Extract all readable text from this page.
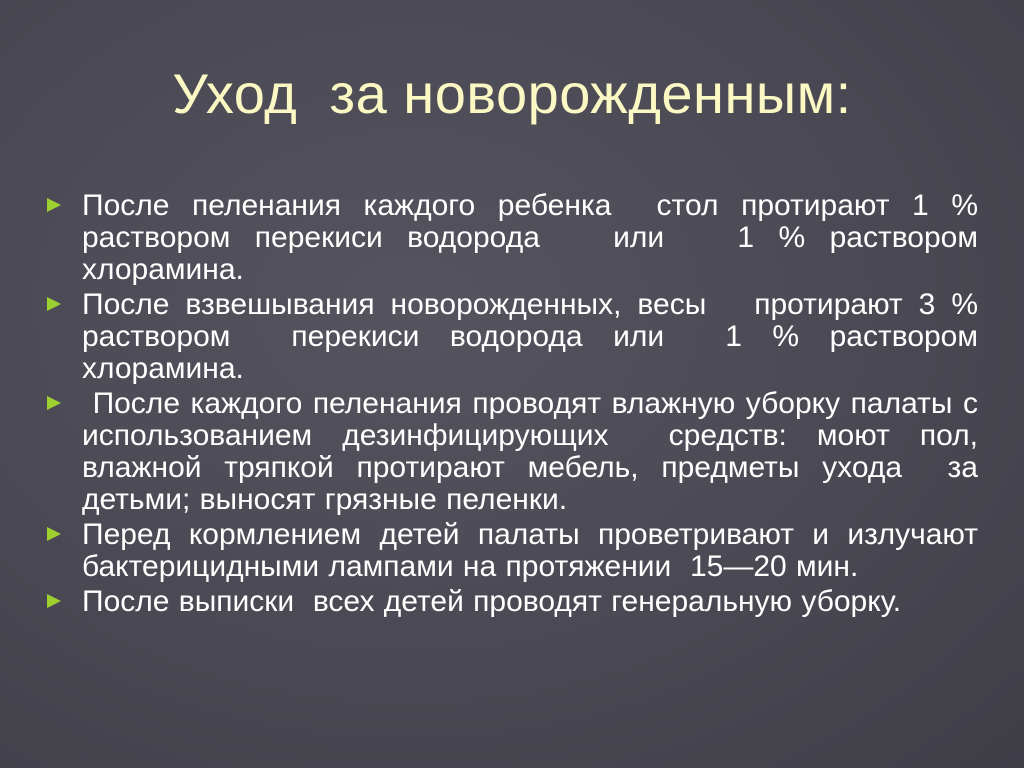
Уход  за новорожденным:
После пеленания каждого ребенка  стол протирают 1 % раствором перекиси водорода   или   1 % раствором  хлорамина.
После взвешывания новорожденных, весы   протирают 3 % раствором  перекиси водорода или  1 % раствором хлорамина.
После каждого пеленания проводят влажную уборку палаты с использованием дезинфицирующих  средств: моют пол, влажной тряпкой протирают мебель, предметы ухода  за детьми; выносят грязные пеленки.
Перед кормлением детей палаты проветривают и излучают  бактерицидными лампами на протяжении  15—20 мин.
После выписки  всех детей проводят генеральную уборку.
